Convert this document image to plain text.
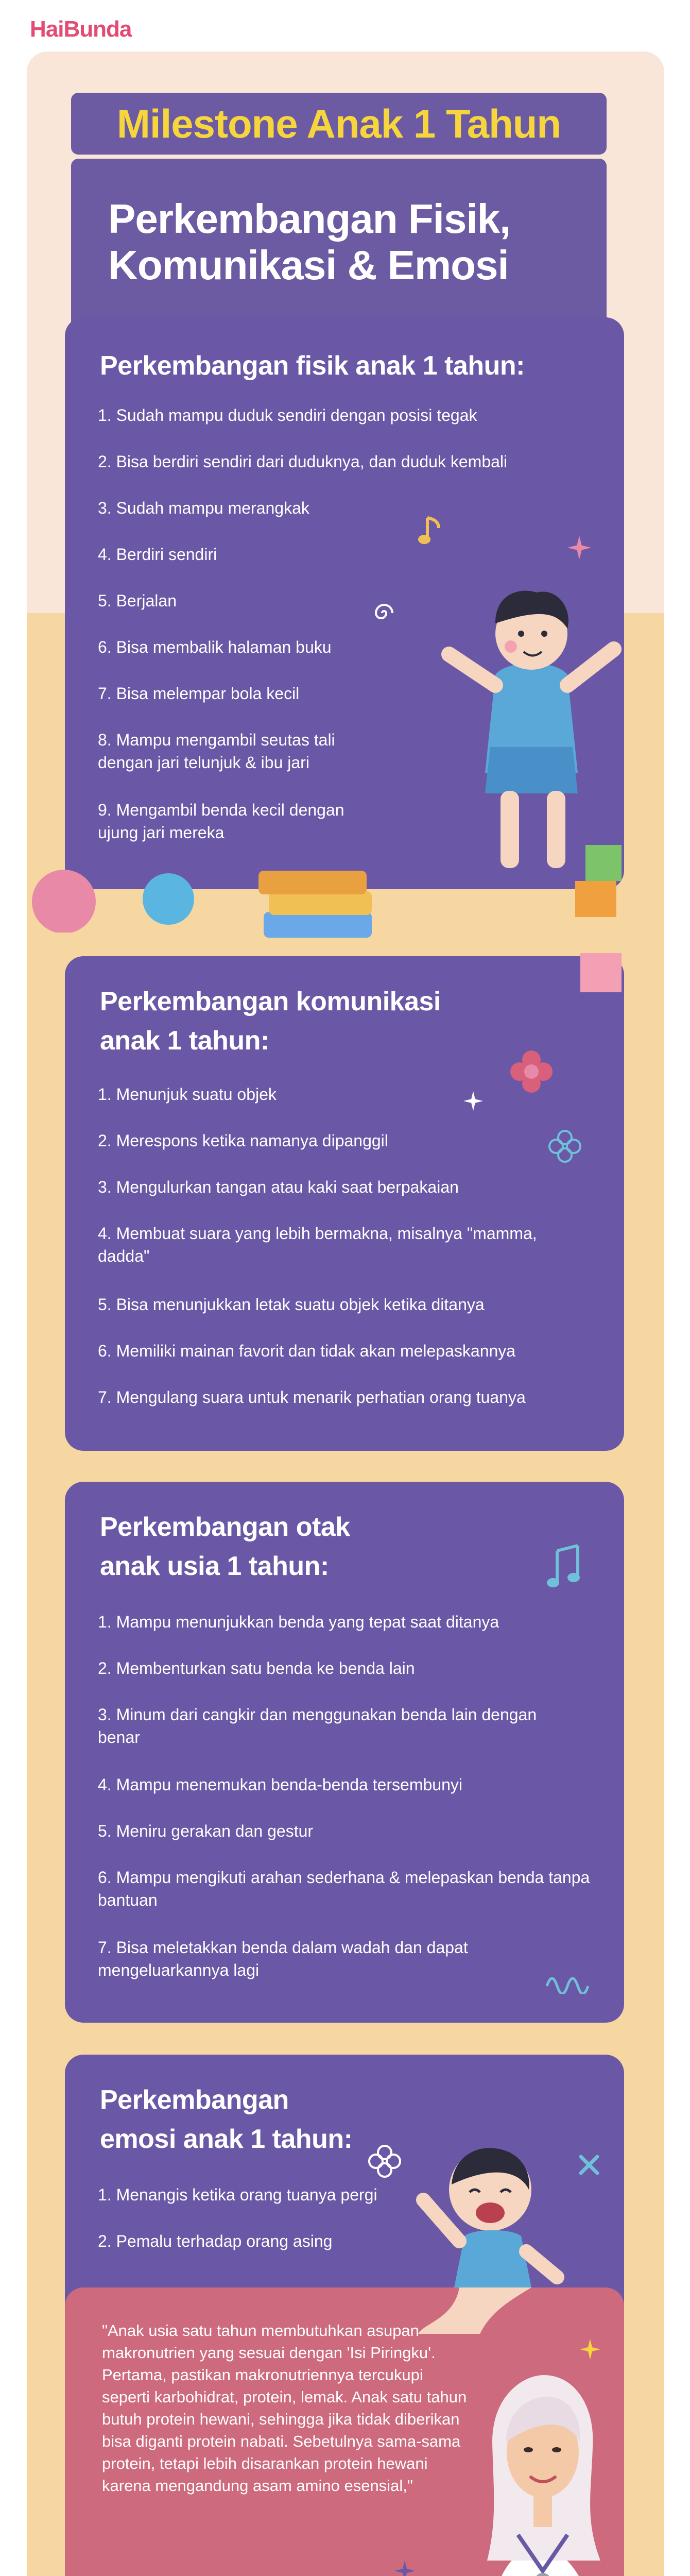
HaiBunda
Milestone Anak 1 Tahun
Perkembangan Fisik,
Komunikasi & Emosi
Perkembangan fisik anak 1 tahun:
1. Sudah mampu duduk sendiri dengan posisi tegak
2. Bisa berdiri sendiri dari duduknya, dan duduk kembali
3. Sudah mampu merangkak
4. Berdiri sendiri
5. Berjalan
6. Bisa membalik halaman buku
7. Bisa melempar bola kecil
8. Mampu mengambil seutas tali dengan jari telunjuk & ibu jari
9. Mengambil benda kecil dengan ujung jari mereka
Perkembangan komunikasi
anak 1 tahun:
1. Menunjuk suatu objek
2. Merespons ketika namanya dipanggil
3. Mengulurkan tangan atau kaki saat berpakaian
4. Membuat suara yang lebih bermakna, misalnya "mamma, dadda"
5. Bisa menunjukkan letak suatu objek ketika ditanya
6. Memiliki mainan favorit dan tidak akan melepaskannya
7. Mengulang suara untuk menarik perhatian orang tuanya
Perkembangan otak
anak usia 1 tahun:
1. Mampu menunjukkan benda yang tepat saat ditanya
2. Membenturkan satu benda ke benda lain
3. Minum dari cangkir dan menggunakan benda lain dengan benar
4. Mampu menemukan benda-benda tersembunyi
5. Meniru gerakan dan gestur
6. Mampu mengikuti arahan sederhana & melepaskan benda tanpa bantuan
7. Bisa meletakkan benda dalam wadah dan dapat mengeluarkannya lagi
Perkembangan
emosi anak 1 tahun:
1. Menangis ketika orang tuanya pergi
2. Pemalu terhadap orang asing
"Anak usia satu tahun membutuhkan asupan makronutrien yang sesuai dengan 'Isi Piringku'. Pertama, pastikan makronutriennya tercukupi seperti karbohidrat, protein, lemak. Anak satu tahun butuh protein hewani, sehingga jika tidak diberikan bisa diganti protein nabati. Sebetulnya sama-sama protein, tetapi lebih disarankan protein hewani karena mengandung asam amino esensial,"
